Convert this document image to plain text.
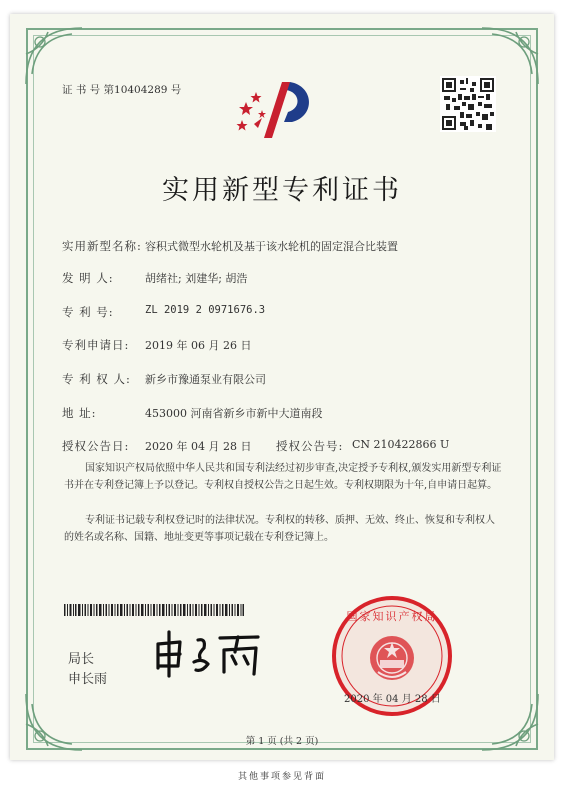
证 书 号 第10404289 号
实用新型专利证书
实用新型名称: 容积式微型水轮机及基于该水轮机的固定混合比装置
发 明 人:	胡绪社; 刘建华; 胡浩
专 利 号:	ZL 2019 2 0971676.3
专利申请日: 2019 年 06 月 26 日
专 利 权 人: 新乡市豫通泵业有限公司
地 址:	453000 河南省新乡市新中大道南段
授权公告日: 2020 年 04 月 28 日 授权公告号: CN 210422866 U
国家知识产权局依照中华人民共和国专利法经过初步审查,决定授予专利权,颁发实用新型专利证书并在专利登记簿上予以登记。专利权自授权公告之日起生效。专利权期限为十年,自申请日起算。
专利证书记载专利权登记时的法律状况。专利权的转移、质押、无效、终止、恢复和专利权人的姓名或名称、国籍、地址变更等事项记载在专利登记簿上。
局长
申长雨
国家知识产权局
2020 年 04 月 28 日
第 1 页 (共 2 页)
其他事项参见背面
